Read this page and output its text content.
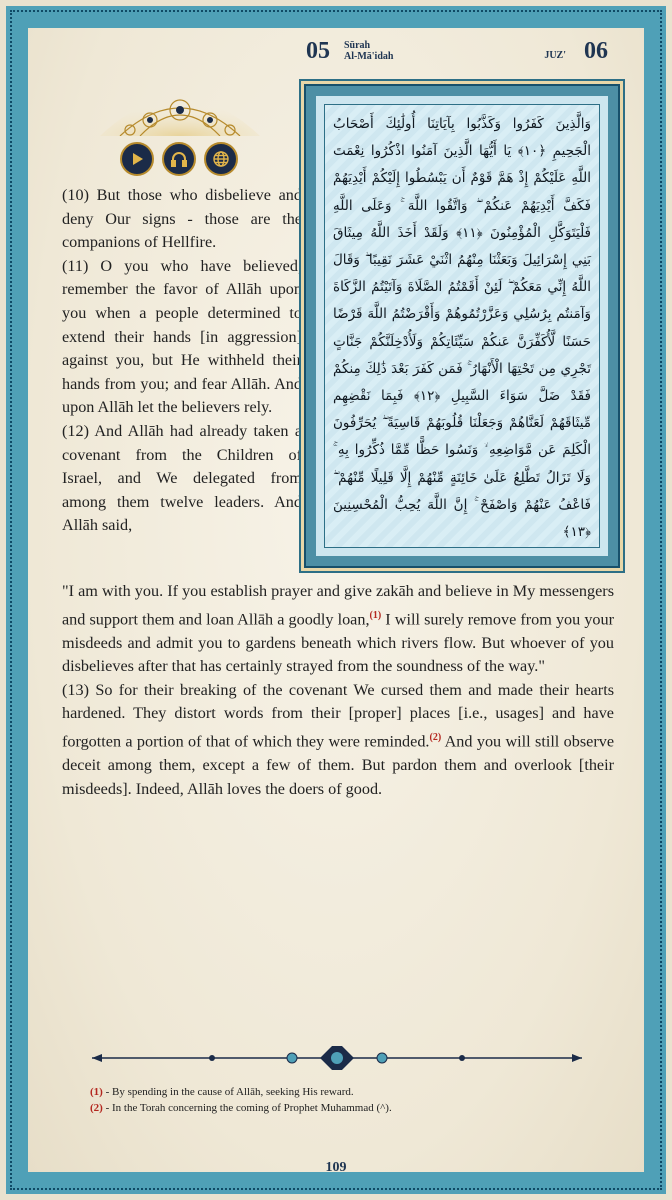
05 Sūrah
Al-Mā'idah	JUZ' 06

(10) But those who disbelieve and deny Our signs - those are the companions of Hellfire.

(11) O you who have believed, remember the favor of Allāh upon you when a people determined to extend their hands [in aggression] against you, but He withheld their hands from you; and fear Allāh. And upon Allāh let the believers rely.

(12) And Allāh had already taken a covenant from the Children of Israel, and We delegated from among them twelve leaders. And Allāh said,

وَالَّذِينَ كَفَرُوا وَكَذَّبُوا بِآيَاتِنَا أُولَٰئِكَ أَصْحَابُ الْجَحِيمِ ﴿١٠﴾ يَا أَيُّهَا الَّذِينَ آمَنُوا اذْكُرُوا نِعْمَتَ اللَّهِ عَلَيْكُمْ إِذْ هَمَّ قَوْمٌ أَن يَبْسُطُوا إِلَيْكُمْ أَيْدِيَهُمْ فَكَفَّ أَيْدِيَهُمْ عَنكُمْ ۖ وَاتَّقُوا اللَّهَ ۚ وَعَلَى اللَّهِ فَلْيَتَوَكَّلِ الْمُؤْمِنُونَ ﴿١١﴾ وَلَقَدْ أَخَذَ اللَّهُ مِيثَاقَ بَنِي إِسْرَائِيلَ وَبَعَثْنَا مِنْهُمُ اثْنَيْ عَشَرَ نَقِيبًا ۖ وَقَالَ اللَّهُ إِنِّي مَعَكُمْ ۖ لَئِنْ أَقَمْتُمُ الصَّلَاةَ وَآتَيْتُمُ الزَّكَاةَ وَآمَنتُم بِرُسُلِي وَعَزَّرْتُمُوهُمْ وَأَقْرَضْتُمُ اللَّهَ قَرْضًا حَسَنًا لَّأُكَفِّرَنَّ عَنكُمْ سَيِّئَاتِكُمْ وَلَأُدْخِلَنَّكُمْ جَنَّاتٍ تَجْرِي مِن تَحْتِهَا الْأَنْهَارُ ۚ فَمَن كَفَرَ بَعْدَ ذَٰلِكَ مِنكُمْ فَقَدْ ضَلَّ سَوَاءَ السَّبِيلِ ﴿١٢﴾ فَبِمَا نَقْضِهِم مِّيثَاقَهُمْ لَعَنَّاهُمْ وَجَعَلْنَا قُلُوبَهُمْ قَاسِيَةً ۖ يُحَرِّفُونَ الْكَلِمَ عَن مَّوَاضِعِهِ ۙ وَنَسُوا حَظًّا مِّمَّا ذُكِّرُوا بِهِ ۚ وَلَا تَزَالُ تَطَّلِعُ عَلَىٰ خَائِنَةٍ مِّنْهُمْ إِلَّا قَلِيلًا مِّنْهُمْ ۖ فَاعْفُ عَنْهُمْ وَاصْفَحْ ۚ إِنَّ اللَّهَ يُحِبُّ الْمُحْسِنِينَ ﴿١٣﴾

"I am with you. If you establish prayer and give zakāh and believe in My messengers and support them and loan Allāh a goodly loan,$^{(1)}$ I will surely remove from you your misdeeds and admit you to gardens beneath which rivers flow. But whoever of you disbelieves after that has certainly strayed from the soundness of the way."

(13) So for their breaking of the covenant We cursed them and made their hearts hardened. They distort words from their [proper] places [i.e., usages] and have forgotten a portion of that of which they were reminded.$^{(2)}$ And you will still observe deceit among them, except a few of them. But pardon them and overlook [their misdeeds]. Indeed, Allāh loves the doers of good.

(1) - By spending in the cause of Allāh, seeking His reward.
(2) - In the Torah concerning the coming of Prophet Muhammad (^).
109
